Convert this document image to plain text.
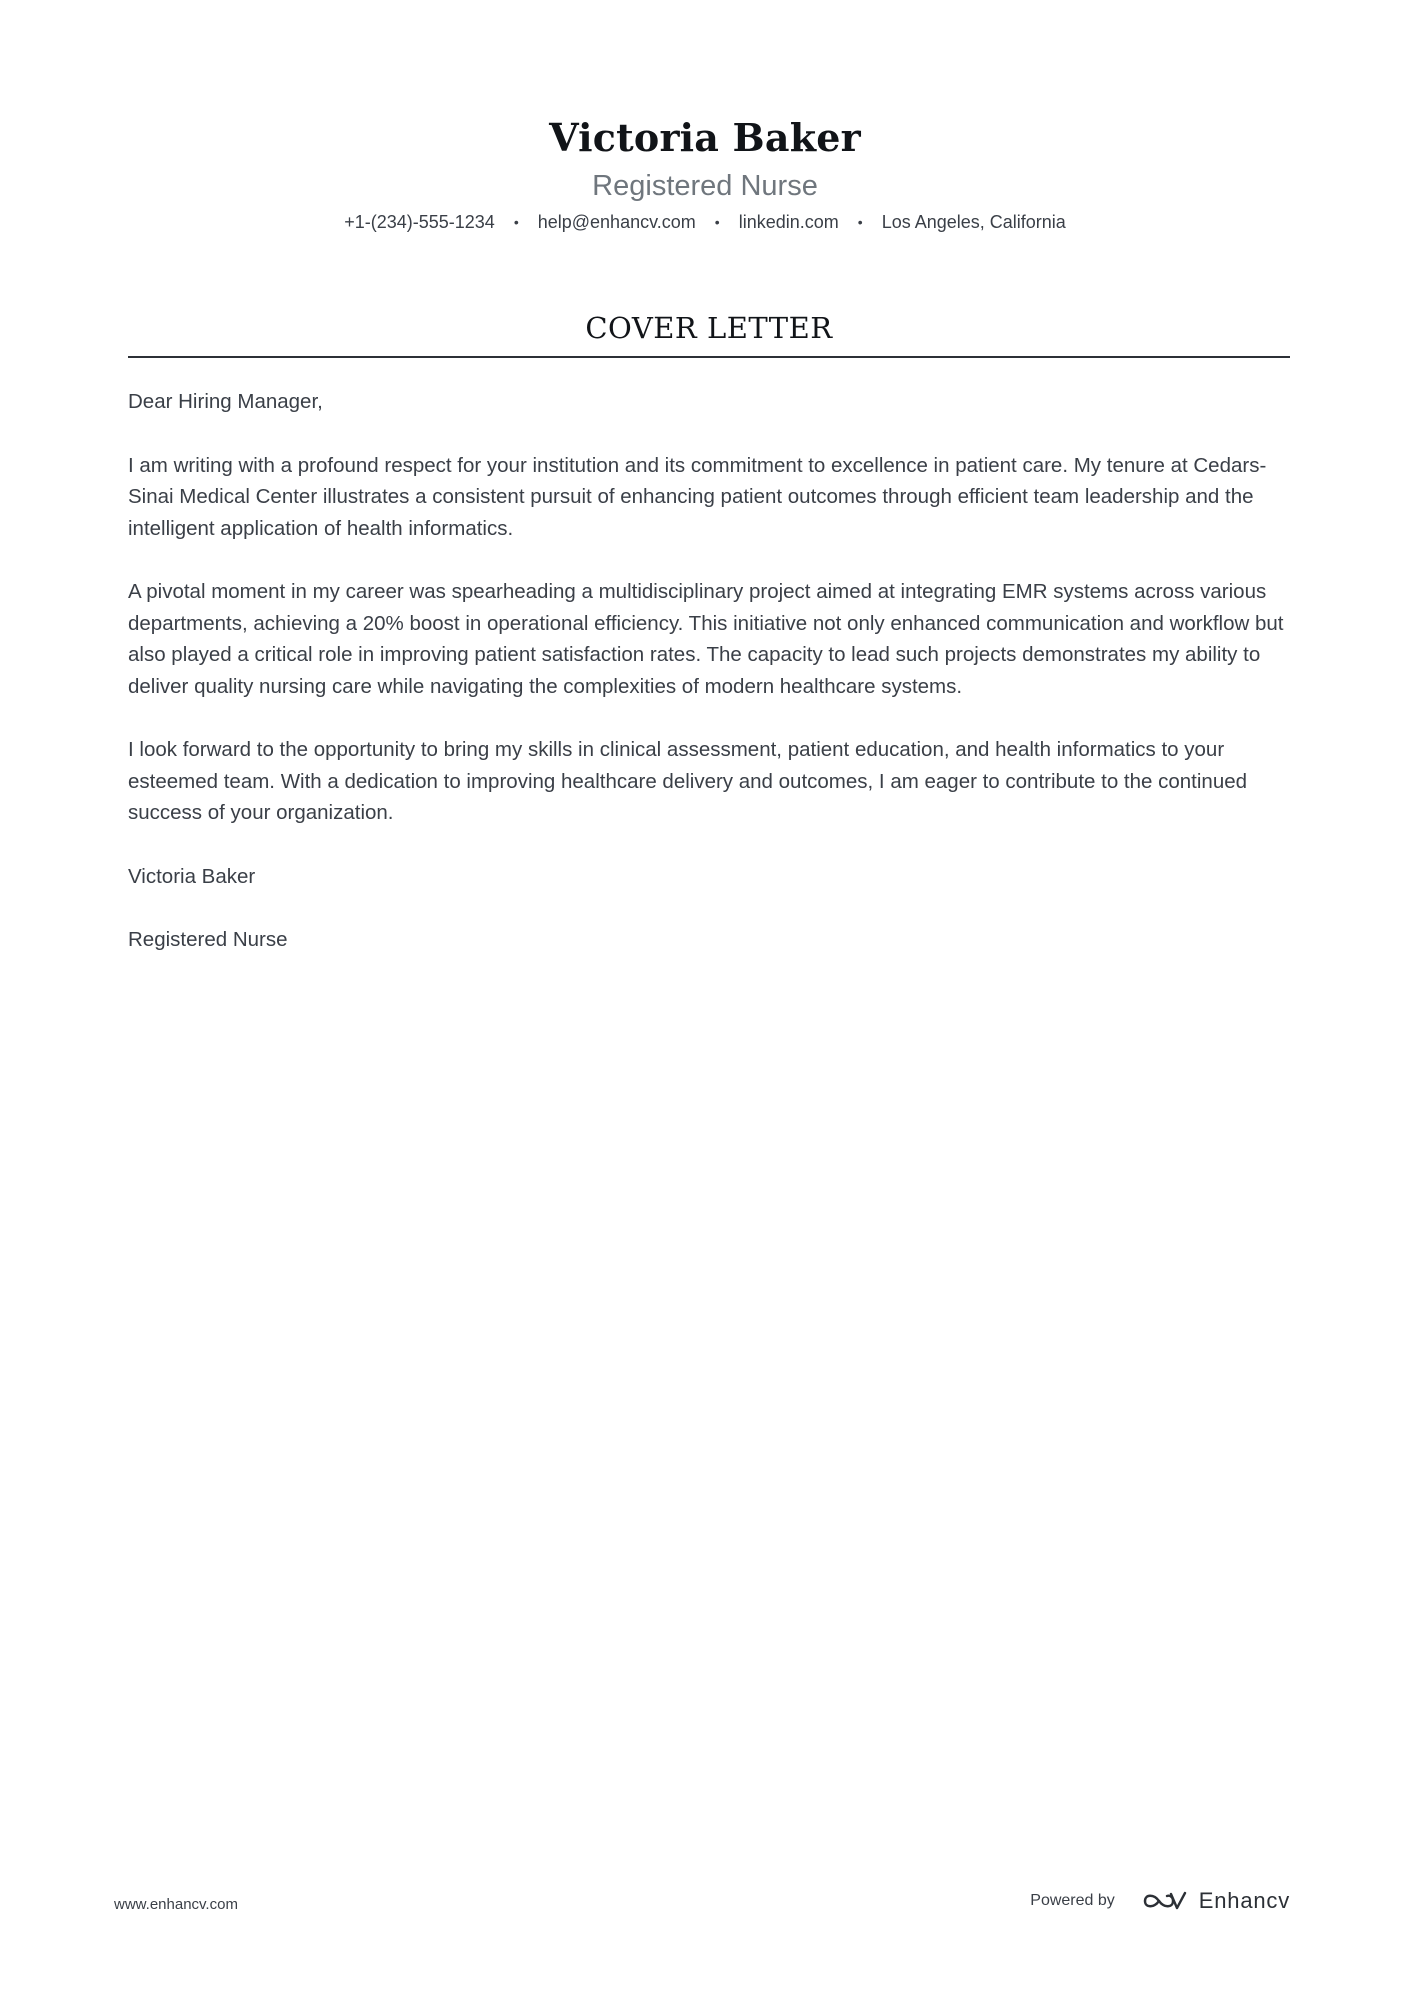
Victoria Baker
Registered Nurse
+1-(234)-555-1234 • help@enhancv.com • linkedin.com • Los Angeles, California
COVER LETTER

Dear Hiring Manager,

I am writing with a profound respect for your institution and its commitment to excellence in patient care. My tenure at Cedars-Sinai Medical Center illustrates a consistent pursuit of enhancing patient outcomes through efficient team leadership and the intelligent application of health informatics.

A pivotal moment in my career was spearheading a multidisciplinary project aimed at integrating EMR systems across various departments, achieving a 20% boost in operational efficiency. This initiative not only enhanced communication and workflow but also played a critical role in improving patient satisfaction rates. The capacity to lead such projects demonstrates my ability to deliver quality nursing care while navigating the complexities of modern healthcare systems.

I look forward to the opportunity to bring my skills in clinical assessment, patient education, and health informatics to your esteemed team. With a dedication to improving healthcare delivery and outcomes, I am eager to contribute to the continued success of your organization.

Victoria Baker

Registered Nurse

www.enhancv.com	Powered by	Enhancv
